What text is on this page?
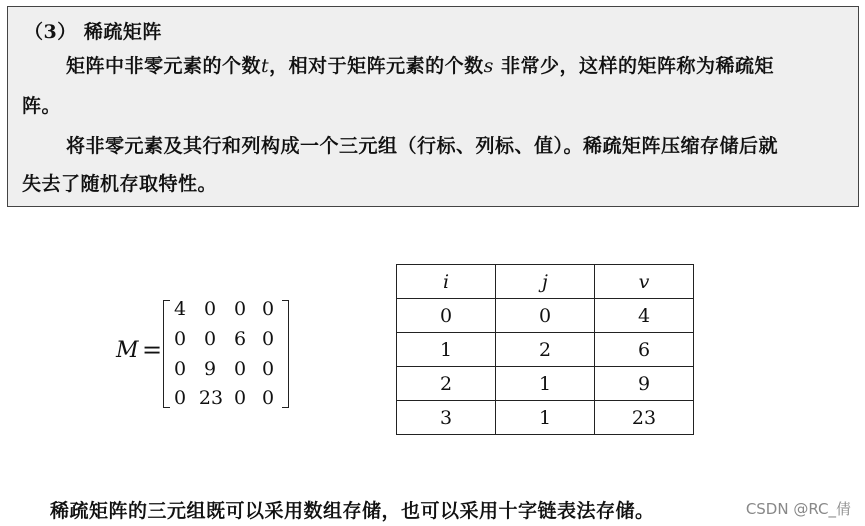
（3） 稀疏矩阵
矩阵中非零元素的个数t，相对于矩阵元素的个数s 非常少，这样的矩阵称为稀疏矩
阵。
将非零元素及其行和列构成一个三元组（行标、列标、值）。稀疏矩阵压缩存储后就
失去了随机存取特性。
M =
4 0 0 0
0 0 6 0
0 9 0 0
0 23 0 0
i	j	v
0	0	4
1	2	6
2	1	9
3	1	23
稀疏矩阵的三元组既可以采用数组存储，也可以采用十字链表法存储。	CSDN @RC_倩
